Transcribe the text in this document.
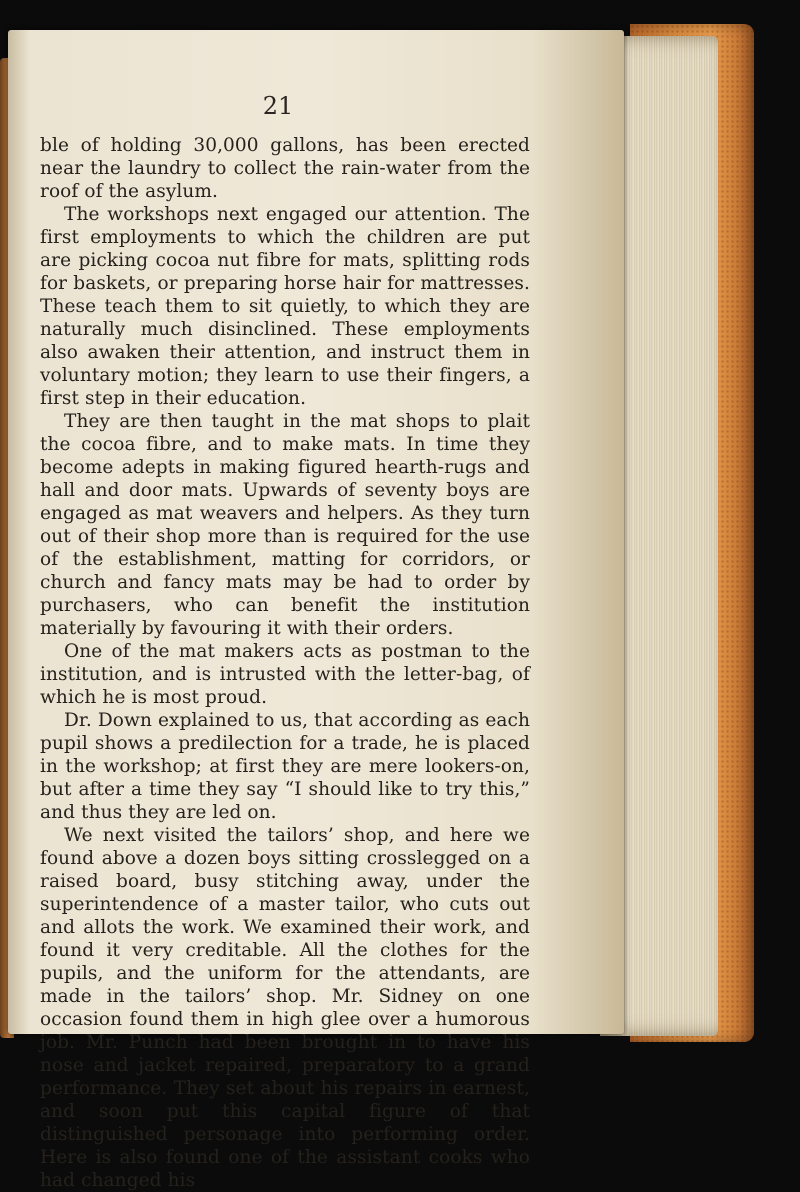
21

ble of holding 30,000 gallons, has been erected near the laundry to collect the rain-water from the roof of the asylum.

The workshops next engaged our attention. The first employments to which the children are put are picking cocoa nut fibre for mats, splitting rods for baskets, or preparing horse hair for mattresses. These teach them to sit quietly, to which they are naturally much disinclined. These employments also awaken their attention, and instruct them in voluntary motion; they learn to use their fingers, a first step in their education.

They are then taught in the mat shops to plait the cocoa fibre, and to make mats. In time they become adepts in making figured hearth-rugs and hall and door mats. Upwards of seventy boys are engaged as mat weavers and helpers. As they turn out of their shop more than is required for the use of the establishment, matting for corridors, or church and fancy mats may be had to order by purchasers, who can benefit the institution materially by favouring it with their orders.

One of the mat makers acts as postman to the institution, and is intrusted with the letter-bag, of which he is most proud.

Dr. Down explained to us, that according as each pupil shows a predilection for a trade, he is placed in the workshop; at first they are mere lookers-on, but after a time they say “I should like to try this,” and thus they are led on.

We next visited the tailors’ shop, and here we found above a dozen boys sitting crosslegged on a raised board, busy stitching away, under the superintendence of a master tailor, who cuts out and allots the work. We examined their work, and found it very creditable. All the clothes for the pupils, and the uniform for the attendants, are made in the tailors’ shop. Mr. Sidney on one occasion found them in high glee over a humorous job. Mr. Punch had been brought in to have his nose and jacket repaired, preparatory to a grand performance. They set about his repairs in earnest, and soon put this capital figure of that distinguished personage into performing order. Here is also found one of the assistant cooks who had changed his
